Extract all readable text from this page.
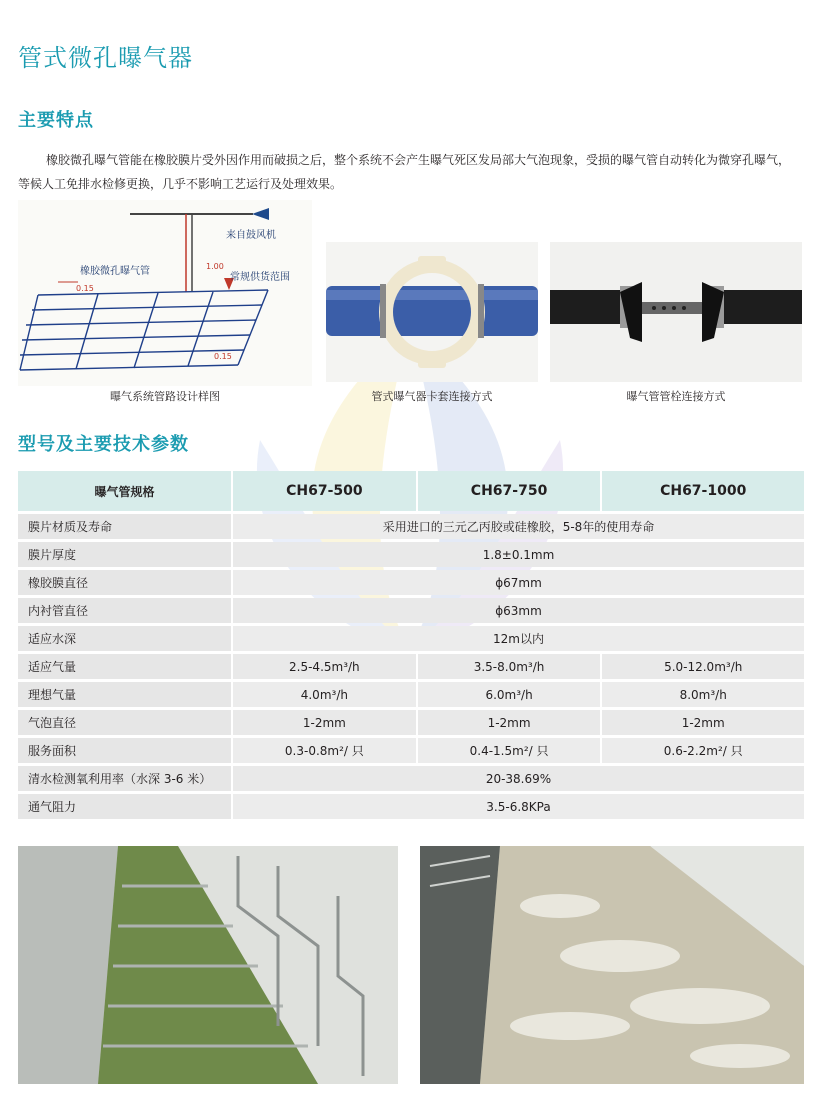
管式微孔曝气器
主要特点
橡胶微孔曝气管能在橡胶膜片受外因作用而破损之后，整个系统不会产生曝气死区发局部大气泡现象，受损的曝气管自动转化为微穿孔曝气，等候人工免排水检修更换，几乎不影响工艺运行及处理效果。
来自鼓风机
橡胶微孔曝气管
常规供货范围
1.00
0.15
0.15
曝气系统管路设计样图	管式曝气器卡套连接方式	曝气管管栓连接方式
型号及主要技术参数
曝气管规格	CH67-500	CH67-750	CH67-1000
膜片材质及寿命	采用进口的三元乙丙胶或硅橡胶，5-8年的使用寿命		
膜片厚度	1.8±0.1mm		
橡胶膜直径	ϕ67mm		
内衬管直径	ϕ63mm		
适应水深	12m以内		
适应气量	2.5-4.5m³/h	3.5-8.0m³/h	5.0-12.0m³/h
理想气量	4.0m³/h	6.0m³/h	8.0m³/h
气泡直径	1-2mm	1-2mm	1-2mm
服务面积	0.3-0.8m²/ 只	0.4-1.5m²/ 只	0.6-2.2m²/ 只
清水检测氧利用率（水深 3-6 米）	20-38.69%		
通气阻力	3.5-6.8KPa		
